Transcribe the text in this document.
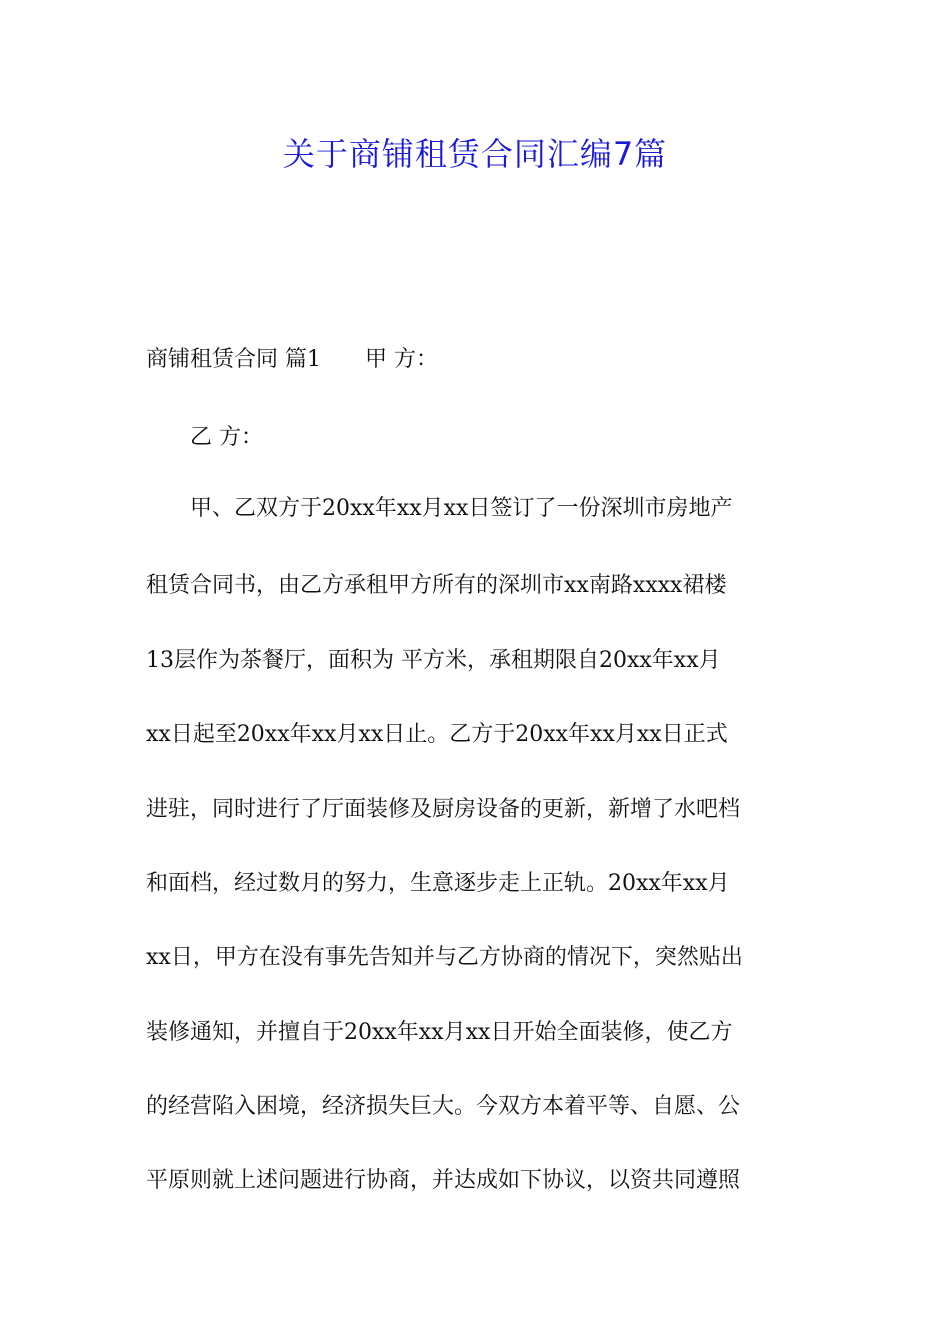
关于商铺租赁合同汇编7篇
商铺租赁合同 篇1 甲 方：
乙 方：
甲、乙双方于20xx年xx月xx日签订了一份深圳市房地产
租赁合同书，由乙方承租甲方所有的深圳市xx南路xxxx裙楼
13层作为茶餐厅，面积为 平方米，承租期限自20xx年xx月
xx日起至20xx年xx月xx日止。乙方于20xx年xx月xx日正式
进驻，同时进行了厅面装修及厨房设备的更新，新增了水吧档
和面档，经过数月的努力，生意逐步走上正轨。20xx年xx月
xx日，甲方在没有事先告知并与乙方协商的情况下，突然贴出
装修通知，并擅自于20xx年xx月xx日开始全面装修，使乙方
的经营陷入困境，经济损失巨大。今双方本着平等、自愿、公
平原则就上述问题进行协商，并达成如下协议，以资共同遵照
